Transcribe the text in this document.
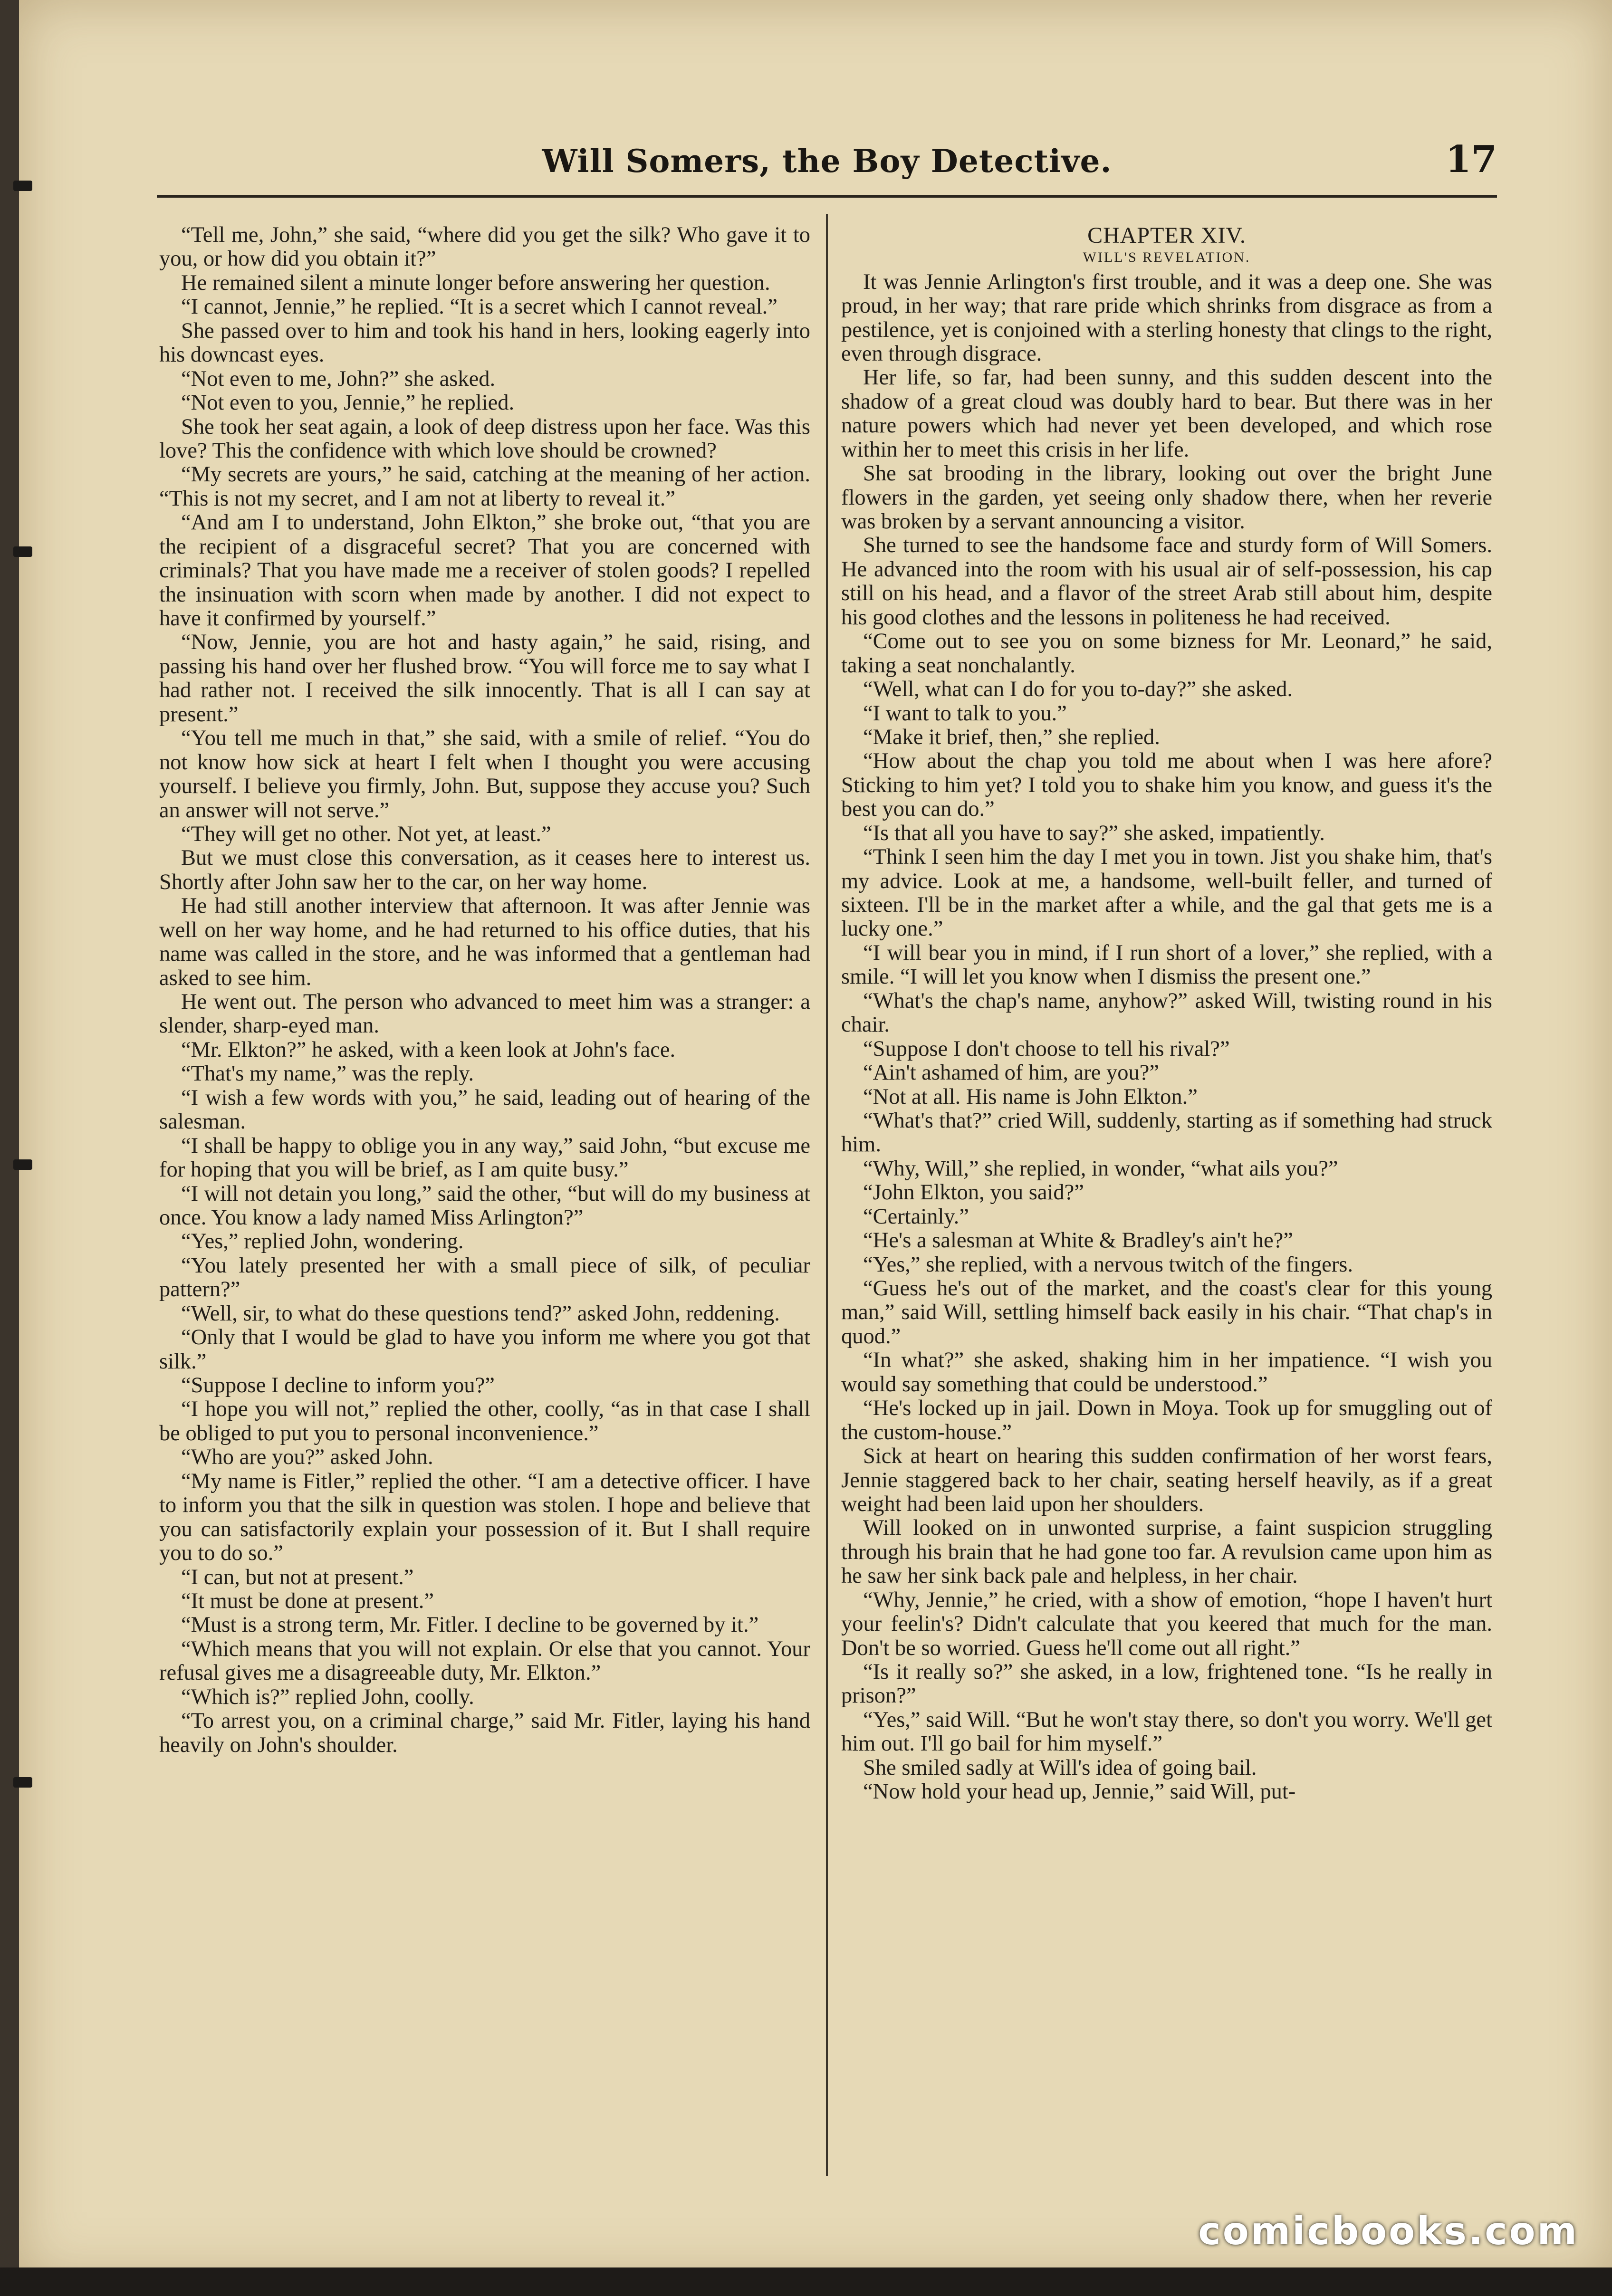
Will Somers, the Boy Detective.	17

“Tell me, John,” she said, “where did you get the silk? Who gave it to you, or how did you obtain it?”

He remained silent a minute longer before answering her question.

“I cannot, Jennie,” he replied. “It is a secret which I cannot reveal.”

She passed over to him and took his hand in hers, looking eagerly into his downcast eyes.

“Not even to me, John?” she asked.

“Not even to you, Jennie,” he replied.

She took her seat again, a look of deep distress upon her face. Was this love? This the confidence with which love should be crowned?

“My secrets are yours,” he said, catching at the meaning of her action. “This is not my secret, and I am not at liberty to reveal it.”

“And am I to understand, John Elkton,” she broke out, “that you are the recipient of a disgraceful secret? That you are concerned with criminals? That you have made me a receiver of stolen goods? I repelled the insinuation with scorn when made by another. I did not expect to have it confirmed by yourself.”

“Now, Jennie, you are hot and hasty again,” he said, rising, and passing his hand over her flushed brow. “You will force me to say what I had rather not. I received the silk innocently. That is all I can say at present.”

“You tell me much in that,” she said, with a smile of relief. “You do not know how sick at heart I felt when I thought you were accusing yourself. I believe you firmly, John. But, suppose they accuse you? Such an answer will not serve.”

“They will get no other. Not yet, at least.”

But we must close this conversation, as it ceases here to interest us. Shortly after John saw her to the car, on her way home.

He had still another interview that afternoon. It was after Jennie was well on her way home, and he had returned to his office duties, that his name was called in the store, and he was informed that a gentleman had asked to see him.

He went out. The person who advanced to meet him was a stranger: a slender, sharp-eyed man.

“Mr. Elkton?” he asked, with a keen look at John's face.

“That's my name,” was the reply.

“I wish a few words with you,” he said, leading out of hearing of the salesman.

“I shall be happy to oblige you in any way,” said John, “but excuse me for hoping that you will be brief, as I am quite busy.”

“I will not detain you long,” said the other, “but will do my business at once. You know a lady named Miss Arlington?”

“Yes,” replied John, wondering.

“You lately presented her with a small piece of silk, of peculiar pattern?”

“Well, sir, to what do these questions tend?” asked John, reddening.

“Only that I would be glad to have you inform me where you got that silk.”

“Suppose I decline to inform you?”

“I hope you will not,” replied the other, coolly, “as in that case I shall be obliged to put you to personal inconvenience.”

“Who are you?” asked John.

“My name is Fitler,” replied the other. “I am a detective officer. I have to inform you that the silk in question was stolen. I hope and believe that you can satisfactorily explain your possession of it. But I shall require you to do so.”

“I can, but not at present.”

“It must be done at present.”

“Must is a strong term, Mr. Fitler. I decline to be governed by it.”

“Which means that you will not explain. Or else that you cannot. Your refusal gives me a disagreeable duty, Mr. Elkton.”

“Which is?” replied John, coolly.

“To arrest you, on a criminal charge,” said Mr. Fitler, laying his hand heavily on John's shoulder.

CHAPTER XIV.
WILL'S REVELATION.

It was Jennie Arlington's first trouble, and it was a deep one. She was proud, in her way; that rare pride which shrinks from disgrace as from a pestilence, yet is conjoined with a sterling honesty that clings to the right, even through disgrace.

Her life, so far, had been sunny, and this sudden descent into the shadow of a great cloud was doubly hard to bear. But there was in her nature powers which had never yet been developed, and which rose within her to meet this crisis in her life.

She sat brooding in the library, looking out over the bright June flowers in the garden, yet seeing only shadow there, when her reverie was broken by a servant announcing a visitor.

She turned to see the handsome face and sturdy form of Will Somers. He advanced into the room with his usual air of self-possession, his cap still on his head, and a flavor of the street Arab still about him, despite his good clothes and the lessons in politeness he had received.

“Come out to see you on some bizness for Mr. Leonard,” he said, taking a seat nonchalantly.

“Well, what can I do for you to-day?” she asked.

“I want to talk to you.”

“Make it brief, then,” she replied.

“How about the chap you told me about when I was here afore? Sticking to him yet? I told you to shake him you know, and guess it's the best you can do.”

“Is that all you have to say?” she asked, impatiently.

“Think I seen him the day I met you in town. Jist you shake him, that's my advice. Look at me, a handsome, well-built feller, and turned of sixteen. I'll be in the market after a while, and the gal that gets me is a lucky one.”

“I will bear you in mind, if I run short of a lover,” she replied, with a smile. “I will let you know when I dismiss the present one.”

“What's the chap's name, anyhow?” asked Will, twisting round in his chair.

“Suppose I don't choose to tell his rival?”

“Ain't ashamed of him, are you?”

“Not at all. His name is John Elkton.”

“What's that?” cried Will, suddenly, starting as if something had struck him.

“Why, Will,” she replied, in wonder, “what ails you?”

“John Elkton, you said?”

“Certainly.”

“He's a salesman at White & Bradley's ain't he?”

“Yes,” she replied, with a nervous twitch of the fingers.

“Guess he's out of the market, and the coast's clear for this young man,” said Will, settling himself back easily in his chair. “That chap's in quod.”

“In what?” she asked, shaking him in her impatience. “I wish you would say something that could be understood.”

“He's locked up in jail. Down in Moya. Took up for smuggling out of the custom-house.”

Sick at heart on hearing this sudden confirmation of her worst fears, Jennie staggered back to her chair, seating herself heavily, as if a great weight had been laid upon her shoulders.

Will looked on in unwonted surprise, a faint suspicion struggling through his brain that he had gone too far. A revulsion came upon him as he saw her sink back pale and helpless, in her chair.

“Why, Jennie,” he cried, with a show of emotion, “hope I haven't hurt your feelin's? Didn't calculate that you keered that much for the man. Don't be so worried. Guess he'll come out all right.”

“Is it really so?” she asked, in a low, frightened tone. “Is he really in prison?”

“Yes,” said Will. “But he won't stay there, so don't you worry. We'll get him out. I'll go bail for him myself.”

She smiled sadly at Will's idea of going bail.

“Now hold your head up, Jennie,” said Will, put-

comicbooks.com
